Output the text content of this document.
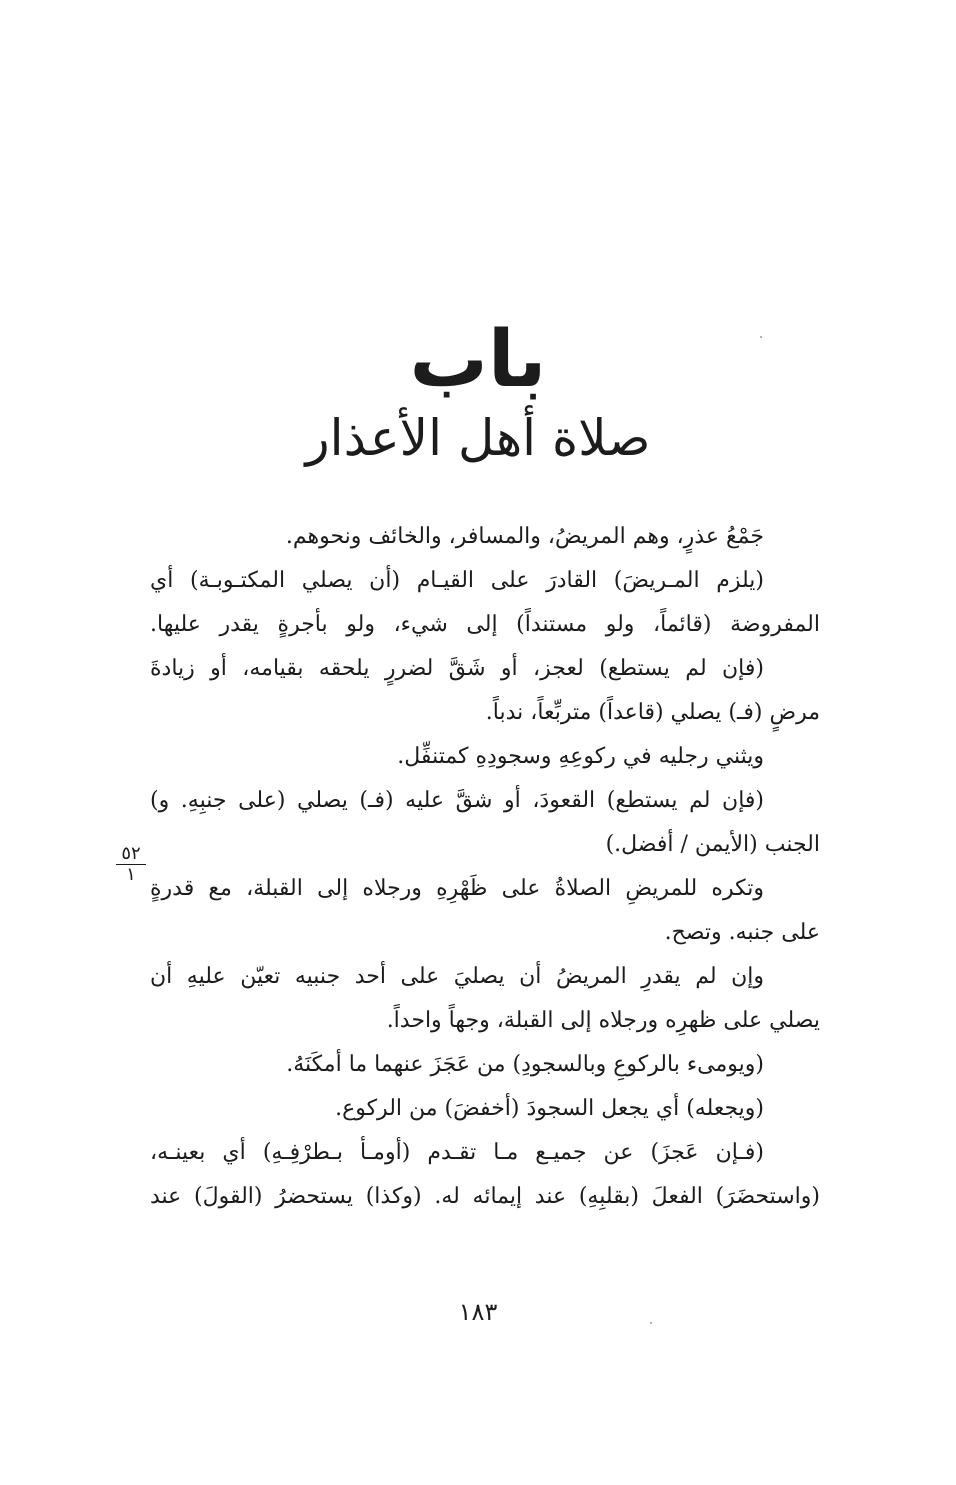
باب
صلاة أهل الأعذار
جَمْعُ عذرٍ، وهم المريضُ، والمسافر، والخائف ونحوهم.
(يلزم المـريضَ) القادرَ على القيـام (أن يصلي المكتـوبـة) أي
المفروضة (قائماً، ولو مستنداً) إلى شيء، ولو بأجرةٍ يقدر عليها.
(فإن لم يستطع) لعجز، أو شَقَّ لضررٍ يلحقه بقيامه، أو زيادةَ
مرضٍ (فـ) يصلي (قاعداً) متربِّعاً، ندباً.
ويثني رجليه في ركوعِهِ وسجودِهِ كمتنفِّل.
(فإن لم يستطع) القعودَ، أو شقَّ عليه (فـ) يصلي (على جنبِهِ. و)
الجنب (الأيمن / أفضل.)
وتكره للمريضِ الصلاةُ على ظَهْرِهِ ورجلاه إلى القبلة، مع قدرةٍ
على جنبه. وتصح.
وإن لم يقدرِ المريضُ أن يصليَ على أحد جنبيه تعيّن عليهِ أن
يصلي على ظهرِه ورجلاه إلى القبلة، وجهاً واحداً.
(ويومىء بالركوعِ وبالسجودِ) من عَجَزَ عنهما ما أمكَنَهُ.
(ويجعله) أي يجعل السجودَ (أخفضَ) من الركوع.
(فـإن عَجزَ) عن جميـع مـا تقـدم (أومـأ بـطرْفِـهِ) أي بعينـه،
(واستحضَرَ) الفعلَ (بقلبِهِ) عند إيمائه له. (وكذا) يستحضرُ (القولَ) عند
٥٢
١
١٨٣
